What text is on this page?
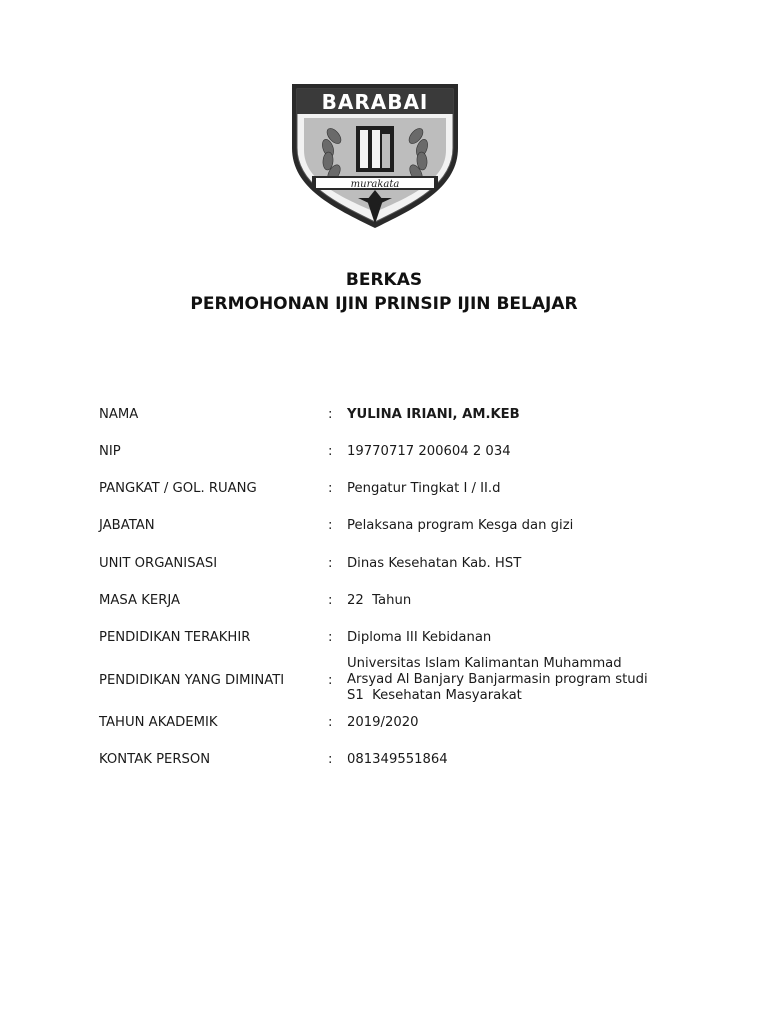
BARABAI
murakata
BERKAS
PERMOHONAN IJIN PRINSIP IJIN BELAJAR
NAMA	: YULINA IRIANI, AM.KEB
NIP	: 19770717 200604 2 034
PANGKAT / GOL. RUANG	: Pengatur Tingkat I / II.d
JABATAN	: Pelaksana program Kesga dan gizi
UNIT ORGANISASI	: Dinas Kesehatan Kab. HST
MASA KERJA	: 22  Tahun
PENDIDIKAN TERAKHIR	: Diploma III Kebidanan
PENDIDIKAN YANG DIMINATI	:
Universitas Islam Kalimantan Muhammad
Arsyad Al Banjary Banjarmasin program studi
S1  Kesehatan Masyarakat
TAHUN AKADEMIK	: 2019/2020
KONTAK PERSON	: 081349551864
